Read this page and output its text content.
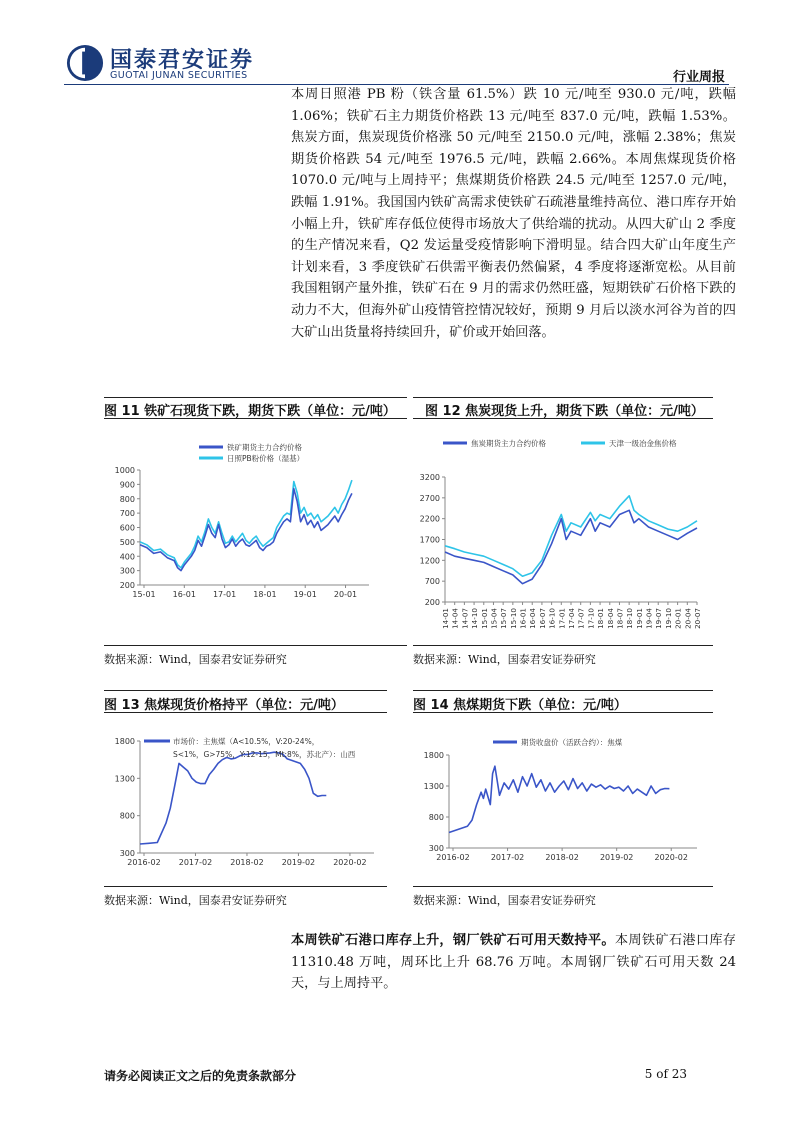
国泰君安证券
GUOTAI JUNAN SECURITIES	行业周报
本周日照港 PB 粉（铁含量 61.5%）跌 10 元/吨至 930.0 元/吨，跌幅 1.06%；铁矿石主力期货价格跌 13 元/吨至 837.0 元/吨，跌幅 1.53%。焦炭方面，焦炭现货价格涨 50 元/吨至 2150.0 元/吨，涨幅 2.38%；焦炭期货价格跌 54 元/吨至 1976.5 元/吨，跌幅 2.66%。本周焦煤现货价格 1070.0 元/吨与上周持平；焦煤期货价格跌 24.5 元/吨至 1257.0 元/吨，跌幅 1.91%。我国国内铁矿高需求使铁矿石疏港量维持高位、港口库存开始小幅上升，铁矿库存低位使得市场放大了供给端的扰动。从四大矿山 2 季度的生产情况来看，Q2 发运量受疫情影响下滑明显。结合四大矿山年度生产计划来看，3 季度铁矿石供需平衡表仍然偏紧，4 季度将逐渐宽松。从目前我国粗钢产量外推，铁矿石在 9 月的需求仍然旺盛，短期铁矿石价格下跌的动力不大，但海外矿山疫情管控情况较好，预期 9 月后以淡水河谷为首的四大矿山出货量将持续回升，矿价或开始回落。
图 11 铁矿石现货下跌，期货下跌（单位：元/吨）
200
300
400
500
600
700
800
900
1000
15-01 16-01 17-01 18-01 19-01 20-01
铁矿期货主力合约价格
日照PB粉价格（湿基）
数据来源：Wind，国泰君安证券研究
图 12 焦炭现货上升，期货下跌（单位：元/吨）
200
700
1200
1700
2200
2700
3200
14-01 14-04 14-07 14-10 15-01 15-04 15-07 15-10 16-01 16-04 16-07 16-10 17-01 17-04 17-07 17-10 18-01 18-04 18-07 18-10 19-01 19-04 19-07 19-10 20-01 20-04 20-07
焦炭期货主力合约价格	天津一级冶金焦价格
数据来源：Wind，国泰君安证券研究
图 13 焦煤现货价格持平（单位：元/吨）
300
800
1300
1800
2016-02 2017-02 2018-02 2019-02 2020-02
市场价：主焦煤（A<10.5%，V:20-24%，
S<1%，G>75%，Y:12-15，Mt:8%，苏北产）：山西
数据来源：Wind，国泰君安证券研究
图 14 焦煤期货下跌（单位：元/吨）
300
800
1300
1800
2016-02	2017-02	2018-02	2019-02	2020-02
期货收盘价（活跃合约）：焦煤
数据来源：Wind，国泰君安证券研究
本周铁矿石港口库存上升，钢厂铁矿石可用天数持平。本周铁矿石港口库存 11310.48 万吨，周环比上升 68.76 万吨。本周钢厂铁矿石可用天数 24 天，与上周持平。
请务必阅读正文之后的免责条款部分	5 of 23
